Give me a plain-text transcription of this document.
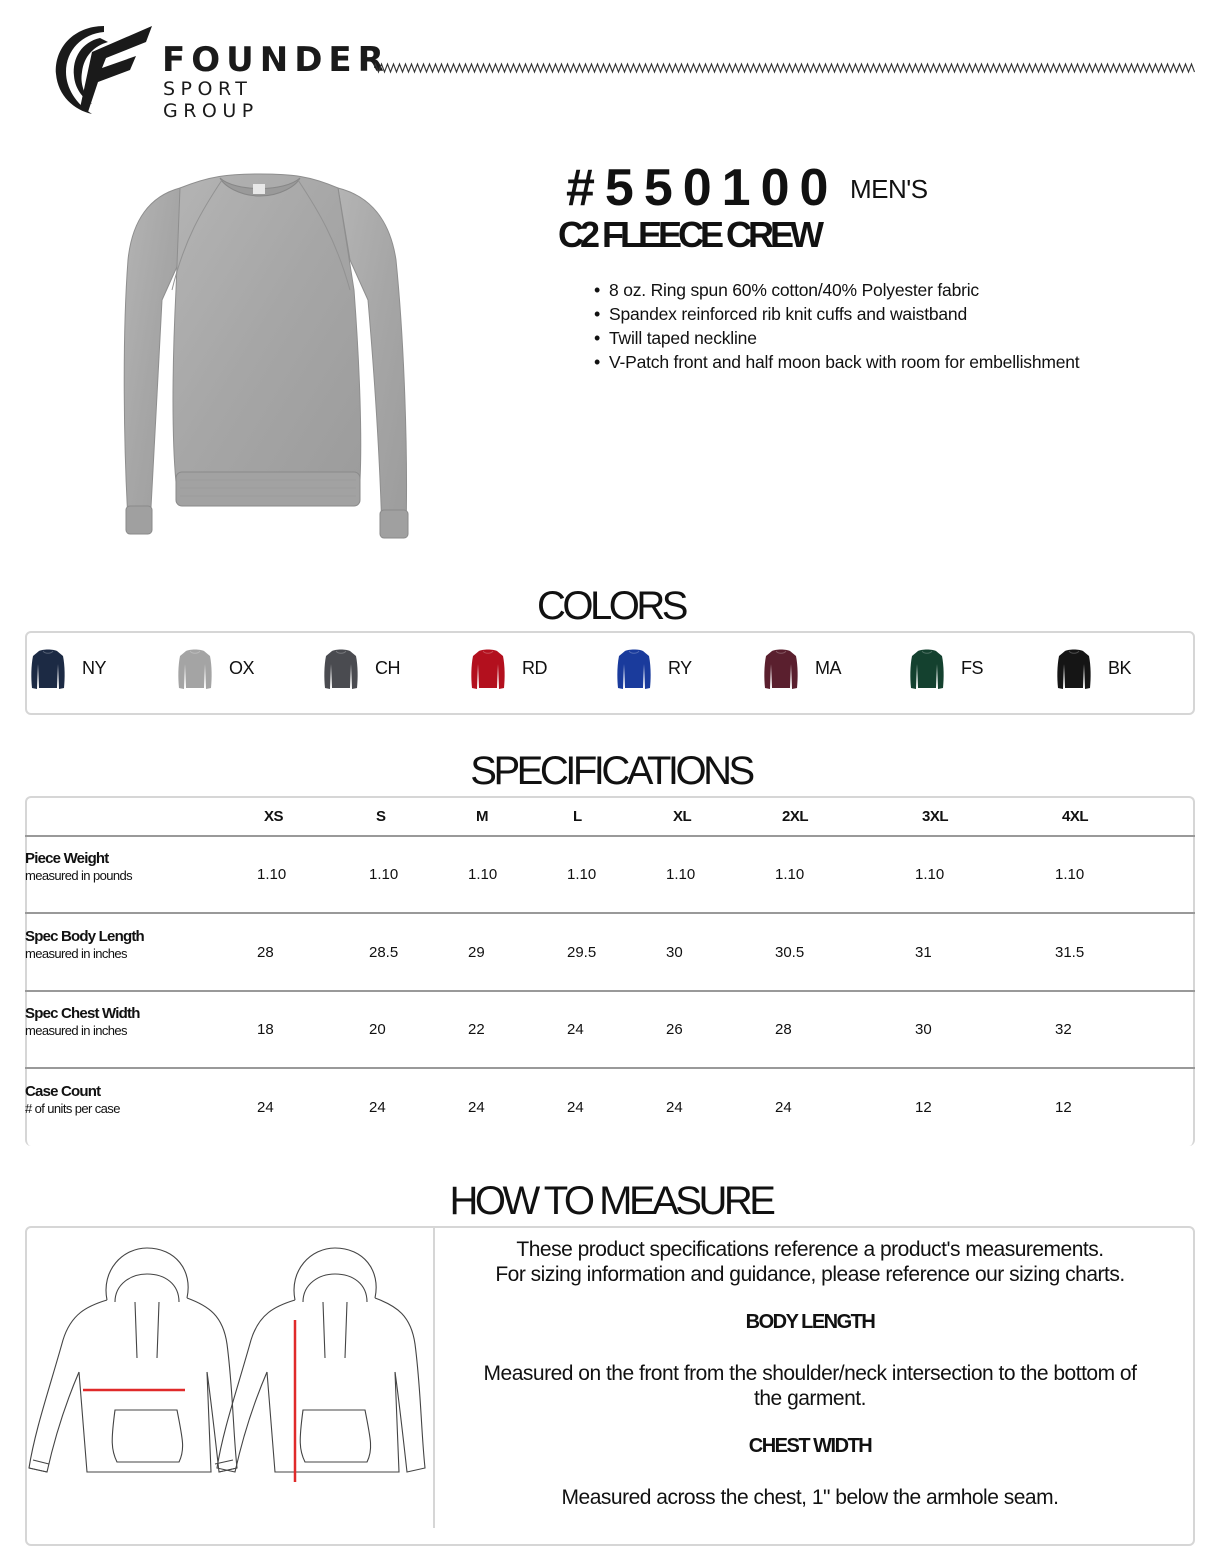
FOUNDER
SPORT GROUP
#550100 MEN'S
C2 FLEECE CREW
• 8 oz. Ring spun 60% cotton/40% Polyester fabric
• Spandex reinforced rib knit cuffs and waistband
• Twill taped neckline
• V-Patch front and half moon back with room for embellishment
COLORS
NY	OX	CH	RD	RY	MA	FS	BK
SPECIFICATIONS
XS	S	M	L	XL	2XL	3XL	4XL
Piece Weight
measured in pounds	1.10	1.10	1.10	1.10	1.10	1.10	1.10	1.10
Spec Body Length
measured in inches	28	28.5	29	29.5	30	30.5	31	31.5
Spec Chest Width
measured in inches	18	20	22	24	26	28	30	32
Case Count
# of units per case	24	24	24	24	24	24	12	12
HOW TO MEASURE
These product specifications reference a product's measurements.
For sizing information and guidance, please reference our sizing charts.
BODY LENGTH
Measured on the front from the shoulder/neck intersection to the bottom of
the garment.
CHEST WIDTH
Measured across the chest, 1" below the armhole seam.
